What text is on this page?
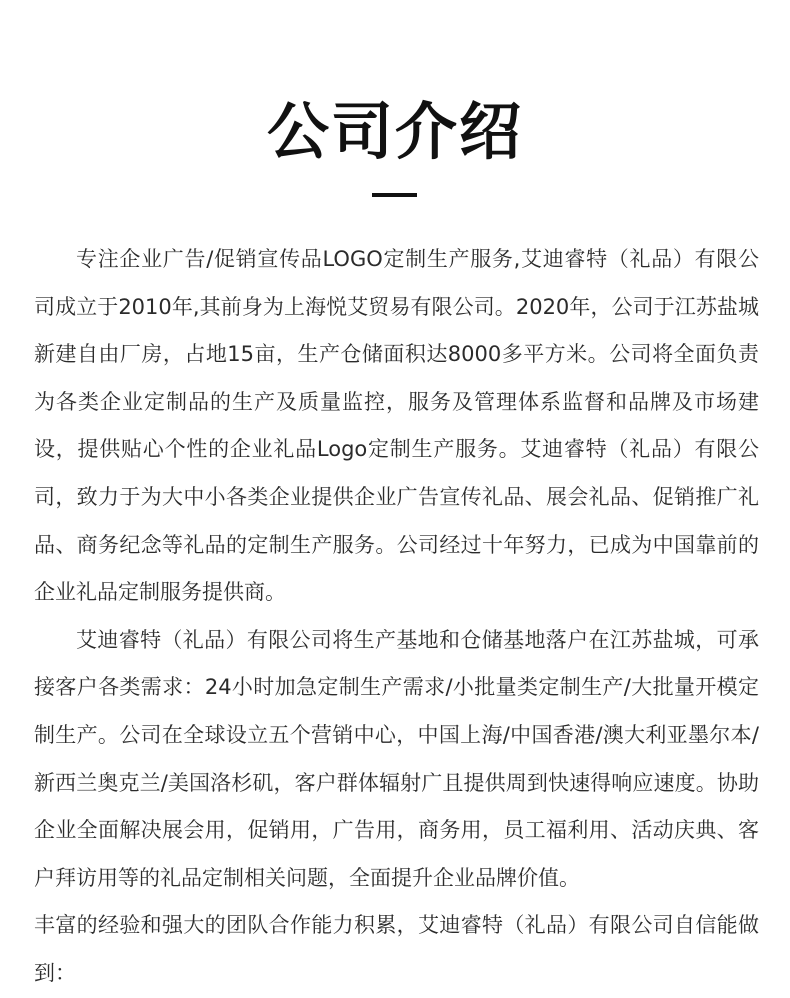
公司介绍

专注企业广告/促销宣传品LOGO定制生产服务,艾迪睿特（礼品）有限公司成立于2010年,其前身为上海悦艾贸易有限公司。2020年，公司于江苏盐城新建自由厂房，占地15亩，生产仓储面积达8000多平方米。公司将全面负责为各类企业定制品的生产及质量监控，服务及管理体系监督和品牌及市场建设，提供贴心个性的企业礼品Logo定制生产服务。艾迪睿特（礼品）有限公司，致力于为大中小各类企业提供企业广告宣传礼品、展会礼品、促销推广礼品、商务纪念等礼品的定制生产服务。公司经过十年努力，已成为中国靠前的企业礼品定制服务提供商。

艾迪睿特（礼品）有限公司将生产基地和仓储基地落户在江苏盐城，可承接客户各类需求：24小时加急定制生产需求/小批量类定制生产/大批量开模定制生产。公司在全球设立五个营销中心，中国上海/中国香港/澳大利亚墨尔本/新西兰奥克兰/美国洛杉矶，客户群体辐射广且提供周到快速得响应速度。协助企业全面解决展会用，促销用，广告用，商务用，员工福利用、活动庆典、客户拜访用等的礼品定制相关问题，全面提升企业品牌价值。

丰富的经验和强大的团队合作能力积累，艾迪睿特（礼品）有限公司自信能做到：
